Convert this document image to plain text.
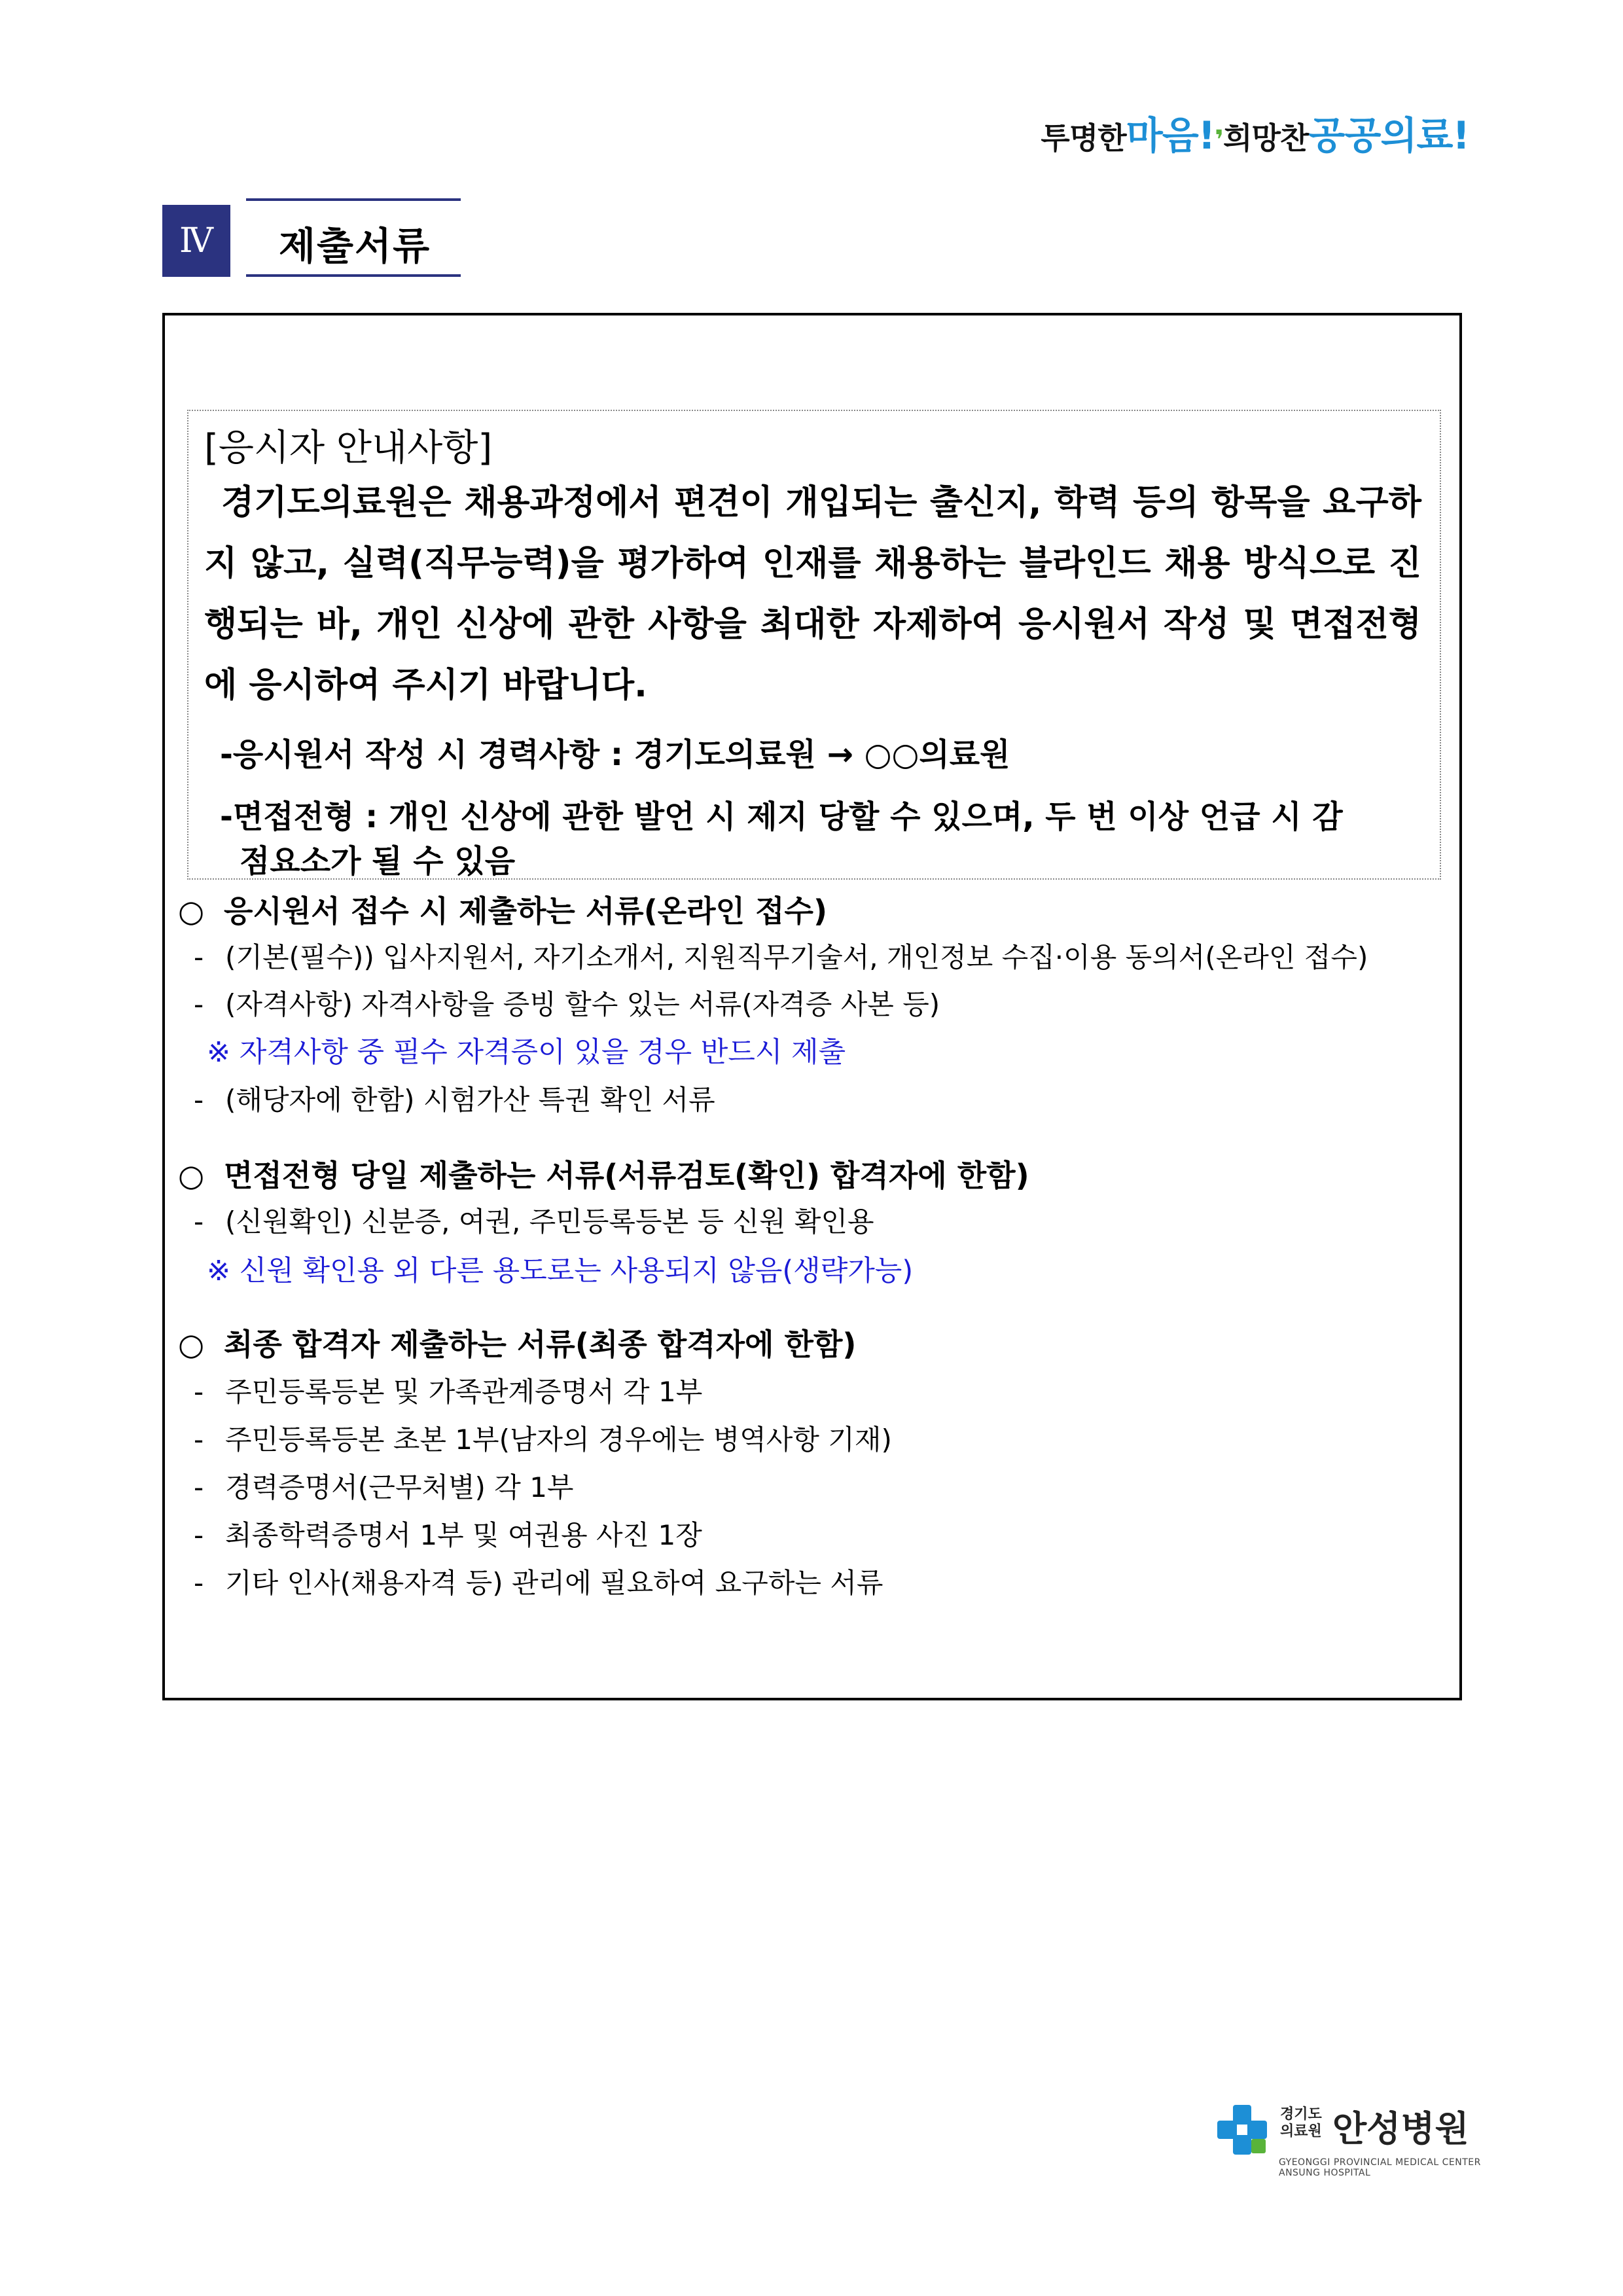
투명한마음!❜희망찬공공의료!
Ⅳ	제출서류
[응시자 안내사항]
경기도의료원은 채용과정에서 편견이 개입되는 출신지, 학력 등의 항목을 요구하지 않고, 실력(직무능력)을 평가하여 인재를 채용하는 블라인드 채용 방식으로 진행되는 바, 개인 신상에 관한 사항을 최대한 자제하여 응시원서 작성 및 면접전형에 응시하여 주시기 바랍니다.
-응시원서 작성 시 경력사항 : 경기도의료원 → ○○의료원
-면접전형 : 개인 신상에 관한 발언 시 제지 당할 수 있으며, 두 번 이상 언급 시 감
점요소가 될 수 있음
○ 응시원서 접수 시 제출하는 서류(온라인 접수)
- (기본(필수)) 입사지원서, 자기소개서, 지원직무기술서, 개인정보 수집·이용 동의서(온라인 접수)
- (자격사항) 자격사항을 증빙 할수 있는 서류(자격증 사본 등)
※ 자격사항 중 필수 자격증이 있을 경우 반드시 제출
- (해당자에 한함) 시험가산 특권 확인 서류
○ 면접전형 당일 제출하는 서류(서류검토(확인) 합격자에 한함)
- (신원확인) 신분증, 여권, 주민등록등본 등 신원 확인용
※ 신원 확인용 외 다른 용도로는 사용되지 않음(생략가능)
○ 최종 합격자 제출하는 서류(최종 합격자에 한함)
- 주민등록등본 및 가족관계증명서 각 1부
- 주민등록등본 초본 1부(남자의 경우에는 병역사항 기재)
- 경력증명서(근무처별) 각 1부
- 최종학력증명서 1부 및 여권용 사진 1장
- 기타 인사(채용자격 등) 관리에 필요하여 요구하는 서류
경기도
의료원 안성병원
GYEONGGI PROVINCIAL MEDICAL CENTER
ANSUNG HOSPITAL
